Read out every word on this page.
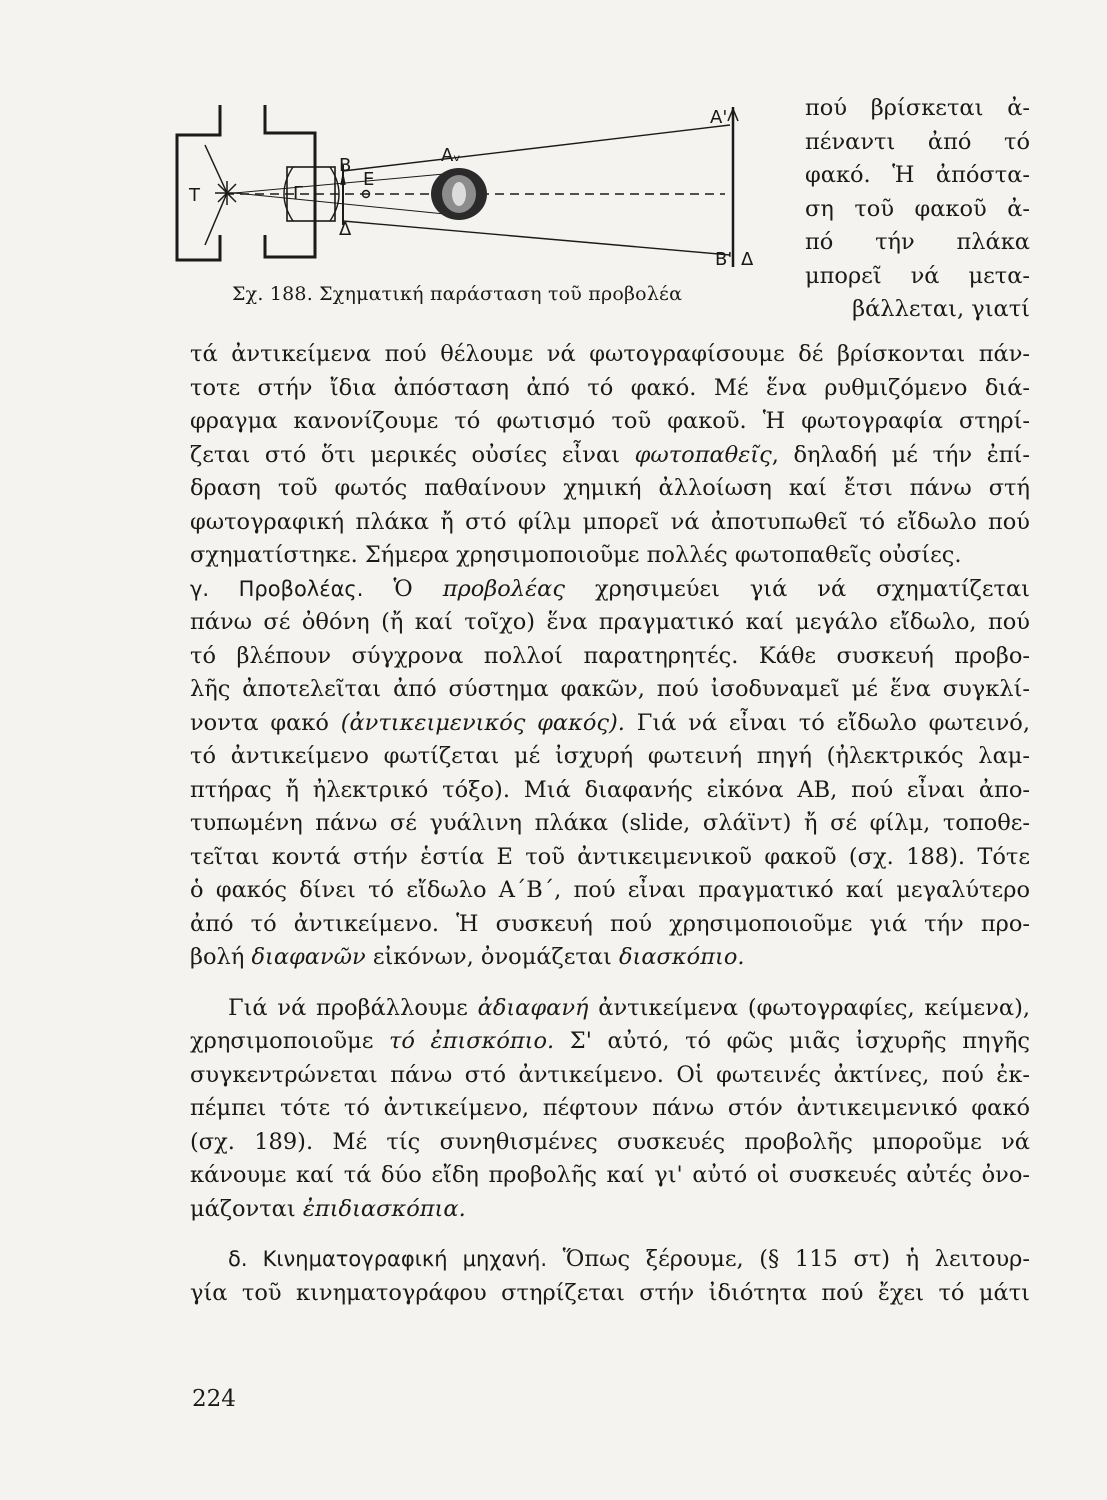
Τ
Β
Γ
Ε
Δ
Αᵥ
Α'
Β' Δ
Σχ. 188. Σχηματική παράσταση τοῦ προβολέα
πού βρίσκεται ἀ-
πέναντι ἀπό τό
φακό. Ἡ ἀπόστα-
ση τοῦ φακοῦ ἀ-
πό τήν πλάκα
μπορεῖ νά μετα-
βάλλεται, γιατί
τά ἀντικείμενα πού θέλουμε νά φωτογραφίσουμε δέ βρίσκονται πάν-
τοτε στήν ἴδια ἀπόσταση ἀπό τό φακό. Μέ ἕνα ρυθμιζόμενο διά-
φραγμα κανονίζουμε τό φωτισμό τοῦ φακοῦ. Ἡ φωτογραφία στηρί-
ζεται στό ὅτι μερικές οὐσίες εἶναι φωτοπαθεῖς, δηλαδή μέ τήν ἐπί-
δραση τοῦ φωτός παθαίνουν χημική ἀλλοίωση καί ἔτσι πάνω στή
φωτογραφική πλάκα ἤ στό φίλμ μπορεῖ νά ἀποτυπωθεῖ τό εἴδωλο πού
σχηματίστηκε. Σήμερα χρησιμοποιοῦμε πολλές φωτοπαθεῖς οὐσίες.
γ. Προβολέας. Ὁ προβολέας χρησιμεύει γιά νά σχηματίζεται
πάνω σέ ὀθόνη (ἤ καί τοῖχο) ἕνα πραγματικό καί μεγάλο εἴδωλο, πού
τό βλέπουν σύγχρονα πολλοί παρατηρητές. Κάθε συσκευή προβο-
λῆς ἀποτελεῖται ἀπό σύστημα φακῶν, πού ἰσοδυναμεῖ μέ ἕνα συγκλί-
νοντα φακό (ἀντικειμενικός φακός). Γιά νά εἶναι τό εἴδωλο φωτεινό,
τό ἀντικείμενο φωτίζεται μέ ἰσχυρή φωτεινή πηγή (ἠλεκτρικός λαμ-
πτήρας ἤ ἠλεκτρικό τόξο). Μιά διαφανής εἰκόνα ΑΒ, πού εἶναι ἀπο-
τυπωμένη πάνω σέ γυάλινη πλάκα (slide, σλάϊντ) ἤ σέ φίλμ, τοποθε-
τεῖται κοντά στήν ἑστία Ε τοῦ ἀντικειμενικοῦ φακοῦ (σχ. 188). Τότε
ὁ φακός δίνει τό εἴδωλο Α΄Β΄, πού εἶναι πραγματικό καί μεγαλύτερο
ἀπό τό ἀντικείμενο. Ἡ συσκευή πού χρησιμοποιοῦμε γιά τήν προ-
βολή διαφανῶν εἰκόνων, ὀνομάζεται διασκόπιο.
Γιά νά προβάλλουμε ἀδιαφανή ἀντικείμενα (φωτογραφίες, κείμενα),
χρησιμοποιοῦμε τό ἐπισκόπιο. Σ' αὐτό, τό φῶς μιᾶς ἰσχυρῆς πηγῆς
συγκεντρώνεται πάνω στό ἀντικείμενο. Οἱ φωτεινές ἀκτίνες, πού ἐκ-
πέμπει τότε τό ἀντικείμενο, πέφτουν πάνω στόν ἀντικειμενικό φακό
(σχ. 189). Μέ τίς συνηθισμένες συσκευές προβολῆς μποροῦμε νά
κάνουμε καί τά δύο εἴδη προβολῆς καί γι' αὐτό οἱ συσκευές αὐτές ὀνο-
μάζονται ἐπιδιασκόπια.
δ. Κινηματογραφική μηχανή. Ὅπως ξέρουμε, (§ 115 στ) ἡ λειτουρ-
γία τοῦ κινηματογράφου στηρίζεται στήν ἰδιότητα πού ἔχει τό μάτι
224
